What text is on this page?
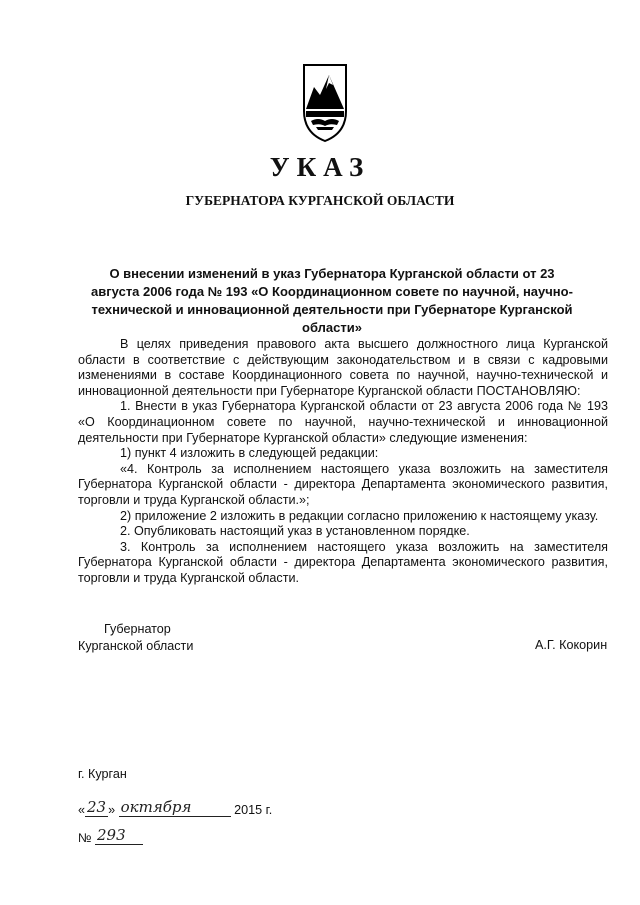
УКАЗ
ГУБЕРНАТОРА КУРГАНСКОЙ ОБЛАСТИ
О внесении изменений в указ Губернатора Курганской области от 23 августа 2006 года № 193 «О Координационном совете по научной, научно-технической и инновационной деятельности при Губернаторе Курганской области»

В целях приведения правового акта высшего должностного лица Курганской области в соответствие с действующим законодательством и в связи с кадровыми изменениями в составе Координационного совета по научной, научно-технической и инновационной деятельности при Губернаторе Курганской области ПОСТАНОВЛЯЮ:

1. Внести в указ Губернатора Курганской области от 23 августа 2006 года № 193 «О Координационном совете по научной, научно-технической и инновационной деятельности при Губернаторе Курганской области» следующие изменения:

1) пункт 4 изложить в следующей редакции:

«4. Контроль за исполнением настоящего указа возложить на заместителя Губернатора Курганской области - директора Департамента экономического развития, торговли и труда Курганской области.»;

2) приложение 2 изложить в редакции согласно приложению к настоящему указу.

2. Опубликовать настоящий указ в установленном порядке.

3. Контроль за исполнением настоящего указа возложить на заместителя Губернатора Курганской области - директора Департамента экономического развития, торговли и труда Курганской области.

Губернатор
Курганской области	А.Г. Кокорин
г. Курган
« 23 » октября	2015 г.
№ 293
